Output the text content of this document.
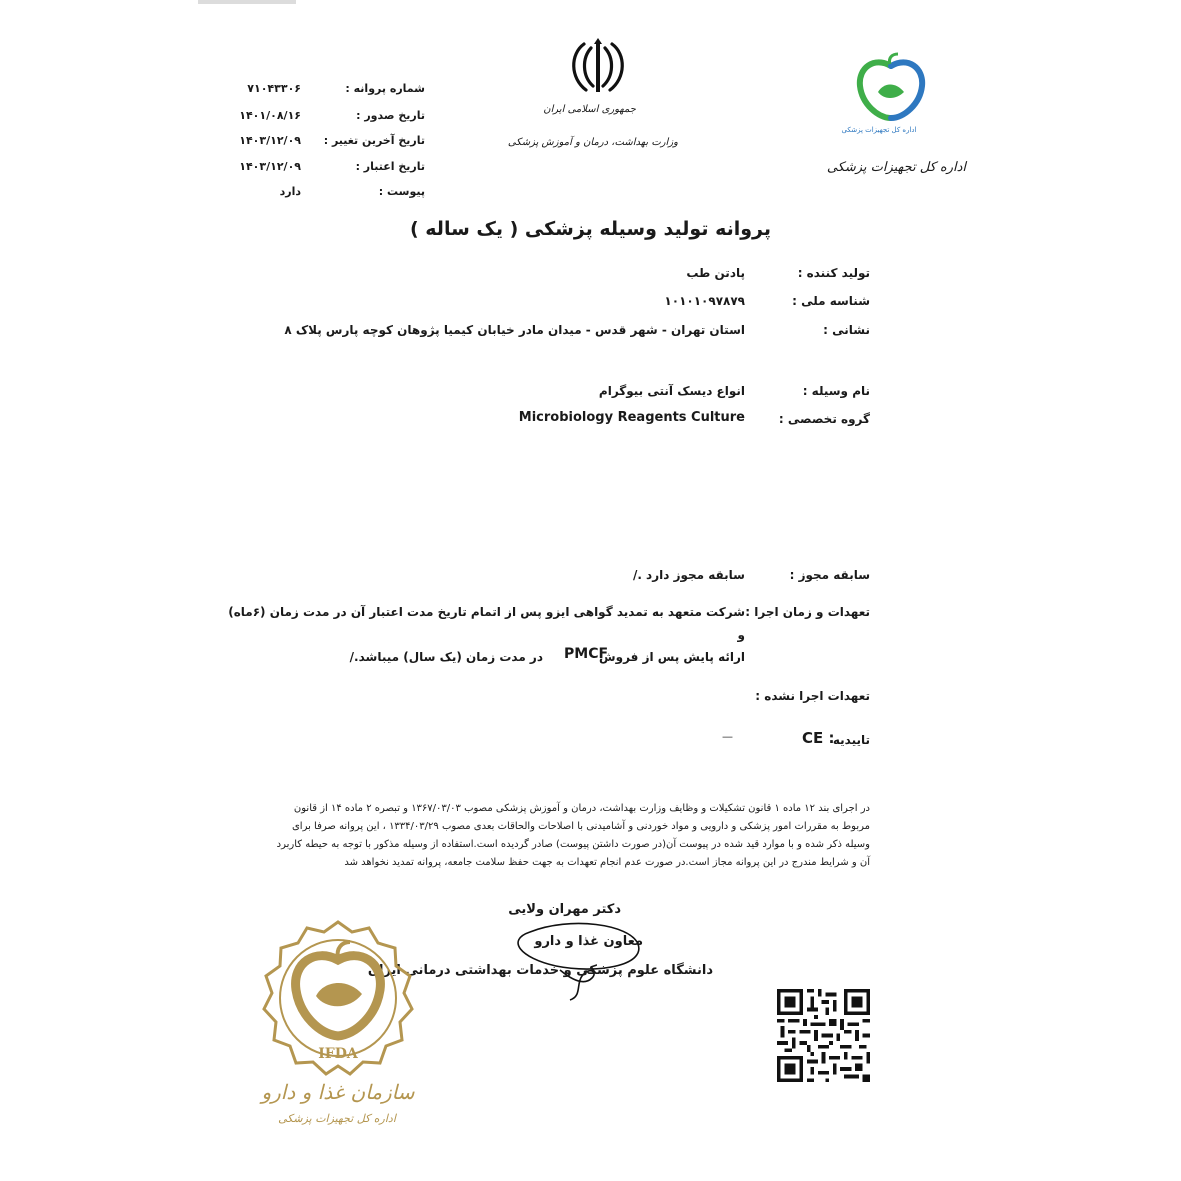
شماره پروانه :
۷۱۰۴۳۳۰۶
تاریخ صدور :
۱۴۰۱/۰۸/۱۶
تاریخ آخرین تغییر :
۱۴۰۳/۱۲/۰۹
تاریخ اعتبار :
۱۴۰۳/۱۲/۰۹
پیوست :
دارد
جمهوری اسلامی ایران
وزارت بهداشت، درمان و آموزش پزشکی
اداره کل تجهیزات پزشکی
اداره کل تجهیزات پزشکی
پروانه تولید وسیله پزشکی ( یک ساله )
تولید کننده :
پادتن طب
شناسه ملی :
۱۰۱۰۱۰۹۷۸۷۹
نشانی :
استان تهران - شهر قدس - میدان مادر خیابان کیمیا پژوهان کوچه پارس پلاک ۸
نام وسیله :
انواع دیسک آنتی بیوگرام
گروه تخصصی :
Microbiology Reagents Culture
سابقه مجوز :
سابقه مجوز دارد ./
تعهدات و زمان اجرا :
شرکت متعهد به تمدید گواهی ایزو پس از اتمام تاریخ مدت اعتبار آن در مدت زمان (۶ماه)
و
ارائه پایش پس از فروش
PMCF
در مدت زمان (یک سال) میباشد./
تعهدات اجرا نشده :
تاییدیه
CE :
—
در اجرای بند ۱۲ ماده ۱ قانون تشکیلات و وظایف وزارت بهداشت، درمان و آموزش پزشکی مصوب ۱۳۶۷/۰۳/۰۳ و تبصره ۲ ماده ۱۴ از قانون
مربوط به مقررات امور پزشکی و دارویی و مواد خوردنی و آشامیدنی با اصلاحات والحاقات بعدی مصوب ۱۳۳۴/۰۳/۲۹ ، این پروانه صرفا برای
وسیله ذکر شده و با موارد قید شده در پیوست آن(در صورت داشتن پیوست) صادر گردیده است.استفاده از وسیله مذکور با توجه به حیطه کاربرد
آن و شرایط مندرج در این پروانه مجاز است.در صورت عدم انجام تعهدات به جهت حفظ سلامت جامعه، پروانه تمدید نخواهد شد
دکتر مهران ولایی
معاون غذا و دارو
دانشگاه علوم پزشکی و خدمات بهداشتی درمانی ایران
IFDA
سازمان غذا و دارو
اداره کل تجهیزات پزشکی
